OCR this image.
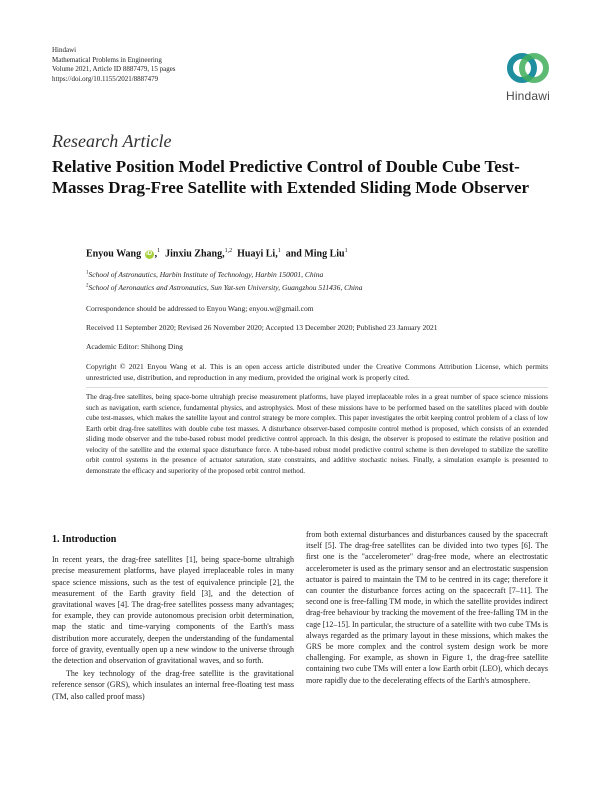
Hindawi
Mathematical Problems in Engineering
Volume 2021, Article ID 8887479, 15 pages
https://doi.org/10.1155/2021/8887479
Hindawi
Research Article
Relative Position Model Predictive Control of Double Cube Test-Masses Drag-Free Satellite with Extended Sliding Mode Observer
Enyou Wang iD ,$^1$ Jinxiu Zhang,$^{1,2}$ Huayi Li,$^1$ and Ming Liu$^1$
$^1$School of Astronautics, Harbin Institute of Technology, Harbin 150001, China
$^2$School of Aeronautics and Astronautics, Sun Yat-sen University, Guangzhou 511436, China
Correspondence should be addressed to Enyou Wang; enyou.w@gmail.com
Received 11 September 2020; Revised 26 November 2020; Accepted 13 December 2020; Published 23 January 2021
Academic Editor: Shihong Ding
Copyright © 2021 Enyou Wang et al. This is an open access article distributed under the Creative Commons Attribution License, which permits unrestricted use, distribution, and reproduction in any medium, provided the original work is properly cited.
The drag-free satellites, being space-borne ultrahigh precise measurement platforms, have played irreplaceable roles in a great number of space science missions such as navigation, earth science, fundamental physics, and astrophysics. Most of these missions have to be performed based on the satellites placed with double cube test-masses, which makes the satellite layout and control strategy be more complex. This paper investigates the orbit keeping control problem of a class of low Earth orbit drag-free satellites with double cube test masses. A disturbance observer-based composite control method is proposed, which consists of an extended sliding mode observer and the tube-based robust model predictive control approach. In this design, the observer is proposed to estimate the relative position and velocity of the satellite and the external space disturbance force. A tube-based robust model predictive control scheme is then developed to stabilize the satellite orbit control systems in the presence of actuator saturation, state constraints, and additive stochastic noises. Finally, a simulation example is presented to demonstrate the efficacy and superiority of the proposed orbit control method.
1. Introduction

In recent years, the drag-free satellites [1], being space-borne ultrahigh precise measurement platforms, have played irreplaceable roles in many space science missions, such as the test of equivalence principle [2], the measurement of the Earth gravity field [3], and the detection of gravitational waves [4]. The drag-free satellites possess many advantages; for example, they can provide autonomous precision orbit determination, map the static and time-varying components of the Earth's mass distribution more accurately, deepen the understanding of the fundamental force of gravity, eventually open up a new window to the universe through the detection and observation of gravitational waves, and so forth.

The key technology of the drag-free satellite is the gravitational reference sensor (GRS), which insulates an internal free-floating test mass (TM, also called proof mass)

from both external disturbances and disturbances caused by the spacecraft itself [5]. The drag-free satellites can be divided into two types [6]. The first one is the "accelerometer" drag-free mode, where an electrostatic accelerometer is used as the primary sensor and an electrostatic suspension actuator is paired to maintain the TM to be centred in its cage; therefore it can counter the disturbance forces acting on the spacecraft [7–11]. The second one is free-falling TM mode, in which the satellite provides indirect drag-free behaviour by tracking the movement of the free-falling TM in the cage [12–15]. In particular, the structure of a satellite with two cube TMs is always regarded as the primary layout in these missions, which makes the GRS be more complex and the control system design work be more challenging. For example, as shown in Figure 1, the drag-free satellite containing two cube TMs will enter a low Earth orbit (LEO), which decays more rapidly due to the decelerating effects of the Earth's atmosphere.
